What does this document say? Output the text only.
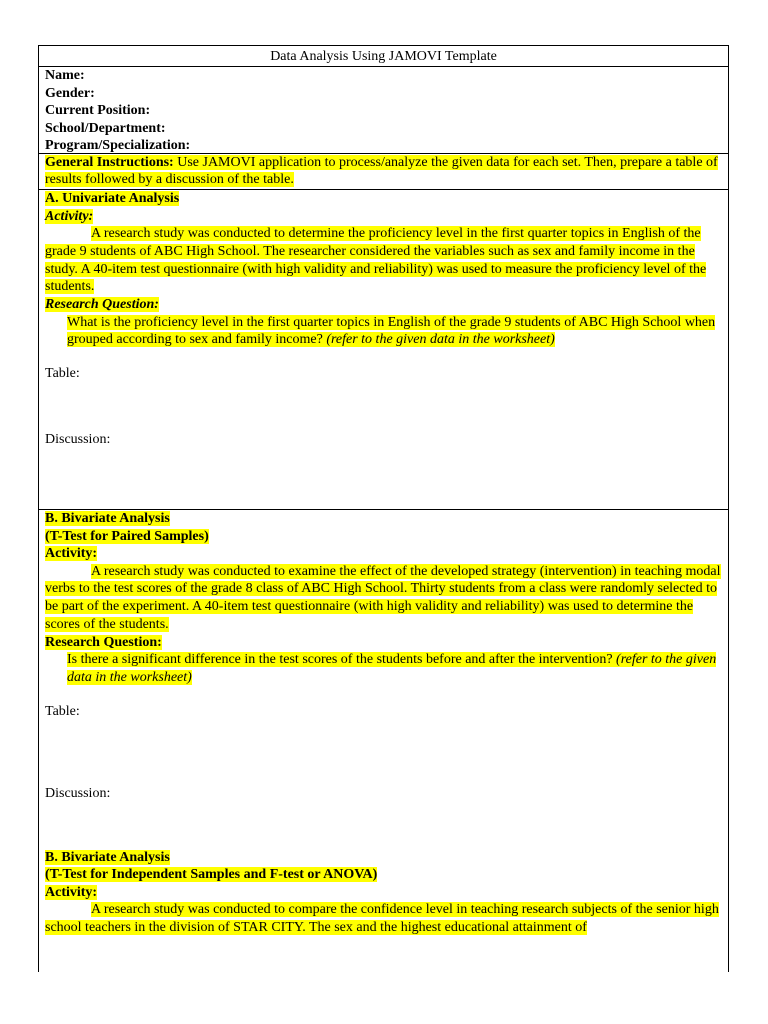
Data Analysis Using JAMOVI Template
Name:
Gender:
Current Position:
School/Department:
Program/Specialization:
General Instructions: Use JAMOVI application to process/analyze the given data for each set. Then, prepare a table of results followed by a discussion of the table.
A. Univariate Analysis
Activity:

A research study was conducted to determine the proficiency level in the first quarter topics in English of the grade 9 students of ABC High School. The researcher considered the variables such as sex and family income in the study. A 40-item test questionnaire (with high validity and reliability) was used to measure the proficiency level of the students.

Research Question:

What is the proficiency level in the first quarter topics in English of the grade 9 students of ABC High School when grouped according to sex and family income? (refer to the given data in the worksheet)

Table:
Discussion:
B. Bivariate Analysis
(T-Test for Paired Samples)
Activity:

A research study was conducted to examine the effect of the developed strategy (intervention) in teaching modal verbs to the test scores of the grade 8 class of ABC High School. Thirty students from a class were randomly selected to be part of the experiment. A 40-item test questionnaire (with high validity and reliability) was used to determine the scores of the students.

Research Question:

Is there a significant difference in the test scores of the students before and after the intervention? (refer to the given data in the worksheet)

Table:
Discussion:
B. Bivariate Analysis
(T-Test for Independent Samples and F-test or ANOVA)
Activity:

A research study was conducted to compare the confidence level in teaching research subjects of the senior high school teachers in the division of STAR CITY. The sex and the highest educational attainment of
